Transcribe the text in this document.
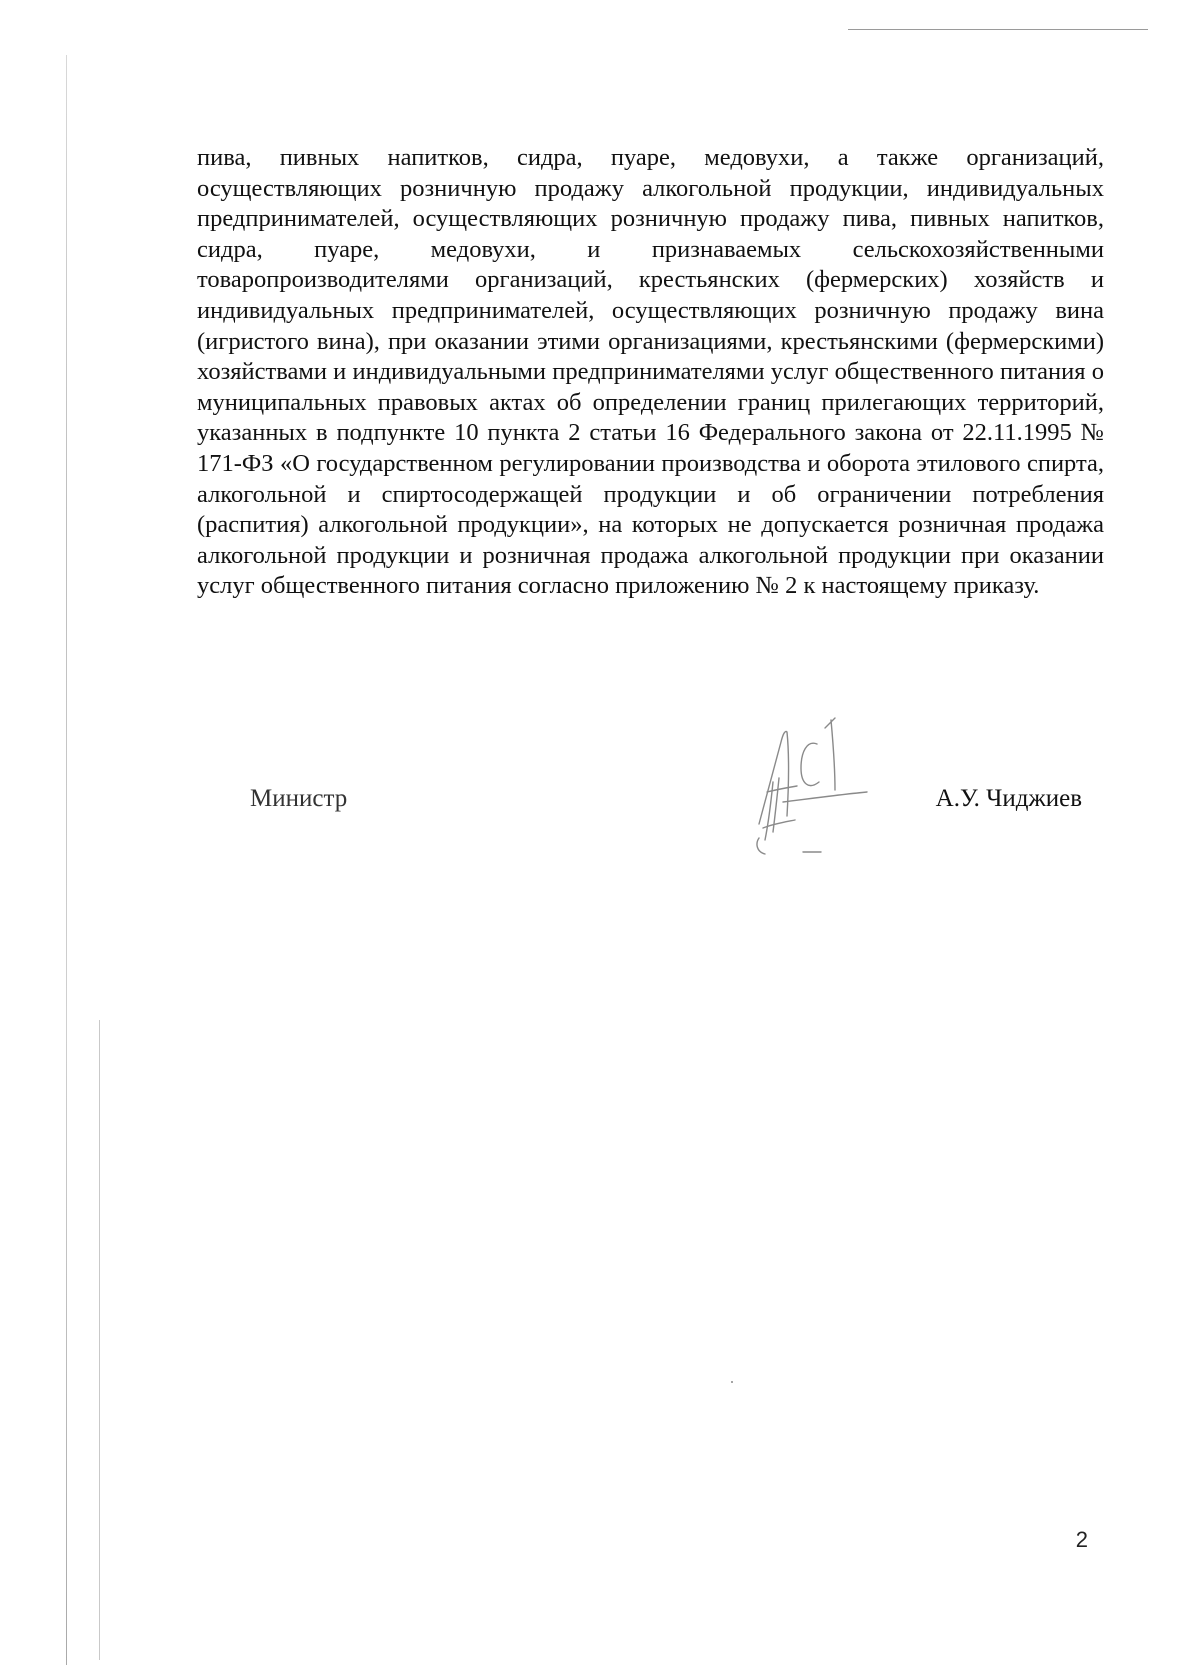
пива, пивных напитков, сидра, пуаре, медовухи, а также организаций, осуществляющих розничную продажу алкогольной продукции, индивидуальных предпринимателей, осуществляющих розничную продажу пива, пивных напитков, сидра, пуаре, медовухи, и признаваемых сельскохозяйственными товаропроизводителями организаций, крестьянских (фермерских) хозяйств и индивидуальных предпринимателей, осуществляющих розничную продажу вина (игристого вина), при оказании этими организациями, крестьянскими (фермерскими) хозяйствами и индивидуальными предпринимателями услуг общественного питания о муниципальных правовых актах об определении границ прилегающих территорий, указанных в подпункте 10 пункта 2 статьи 16 Федерального закона от 22.11.1995 № 171-ФЗ «О государственном регулировании производства и оборота этилового спирта, алкогольной и спиртосодержащей продукции и об ограничении потребления (распития) алкогольной продукции», на которых не допускается розничная продажа алкогольной продукции и розничная продажа алкогольной продукции при оказании услуг общественного питания согласно приложению № 2 к настоящему приказу.

Министр	А.У. Чиджиев
2
